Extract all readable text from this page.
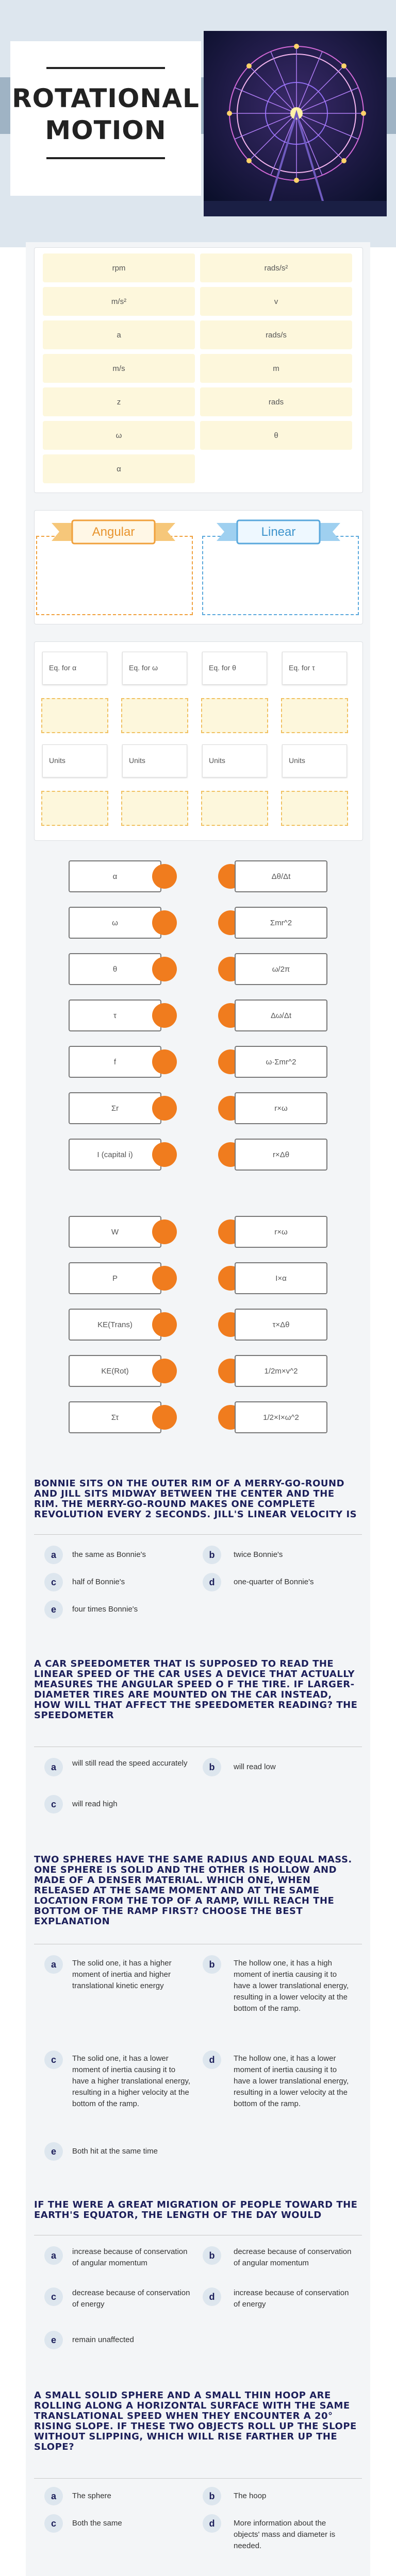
ROTATIONAL
MOTION
rpm	rads/s²
m/s²	v
a	rads/s
m/s	m
z	rads
ω	θ
α
Angular	Linear
Eq. for α	Eq. for ω	Eq. for θ	Eq. for τ
Units	Units	Units	Units
α	Δθ/Δt
ω	Σmr^2
θ	ω/2π
τ	Δω/Δt
f	ω·Σmr^2
Σr	r×ω
I (capital i)	r×Δθ
W	r×ω
P	I×α
KE(Trans)	τ×Δθ
KE(Rot)	1/2m×v^2
Στ	1/2×I×ω^2
BONNIE SITS ON THE OUTER RIM OF A MERRY-GO-ROUND AND JILL SITS MIDWAY BETWEEN THE CENTER AND THE RIM. THE MERRY-GO-ROUND MAKES ONE COMPLETE REVOLUTION EVERY 2 SECONDS. JILL'S LINEAR VELOCITY IS
a	the same as Bonnie's	b	twice Bonnie's
c	half of Bonnie's	d	one-quarter of Bonnie's
e	four times Bonnie's
A CAR SPEEDOMETER THAT IS SUPPOSED TO READ THE LINEAR SPEED OF THE CAR USES A DEVICE THAT ACTUALLY MEASURES THE ANGULAR SPEED O F THE TIRE. IF LARGER-DIAMETER TIRES ARE MOUNTED ON THE CAR INSTEAD, HOW WILL THAT AFFECT THE SPEEDOMETER READING? THE SPEEDOMETER
a	will still read the speed accurately	b	will read low
c	will read high
TWO SPHERES HAVE THE SAME RADIUS AND EQUAL MASS. ONE SPHERE IS SOLID AND THE OTHER IS HOLLOW AND MADE OF A DENSER MATERIAL. WHICH ONE, WHEN RELEASED AT THE SAME MOMENT AND AT THE SAME LOCATION FROM THE TOP OF A RAMP, WILL REACH THE BOTTOM OF THE RAMP FIRST? CHOOSE THE BEST EXPLANATION
a	The solid one, it has a higher moment of inertia and higher translational kinetic energy
b	The hollow one, it has a high moment of inertia causing it to have a lower translational energy, resulting in a lower velocity at the bottom of the ramp.
c	The solid one, it has a lower moment of inertia causing it to have a higher translational energy, resulting in a higher velocity at the bottom of the ramp.
d	The hollow one, it has a lower moment of inertia causing it to have a lower translational energy, resulting in a lower velocity at the bottom of the ramp.
e	Both hit at the same time
IF THE WERE A GREAT MIGRATION OF PEOPLE TOWARD THE EARTH'S EQUATOR, THE LENGTH OF THE DAY WOULD
a	increase because of conservation of angular momentum
b	decrease because of conservation of angular momentum
c	decrease because of conservation of energy
d	increase because of conservation of energy
e	remain unaffected
A SMALL SOLID SPHERE AND A SMALL THIN HOOP ARE ROLLING ALONG A HORIZONTAL SURFACE WITH THE SAME TRANSLATIONAL SPEED WHEN THEY ENCOUNTER A 20° RISING SLOPE. IF THESE TWO OBJECTS ROLL UP THE SLOPE WITHOUT SLIPPING, WHICH WILL RISE FARTHER UP THE SLOPE?
a	The sphere	b	The hoop
c	Both the same	d	More information about the objects' mass and diameter is needed.
